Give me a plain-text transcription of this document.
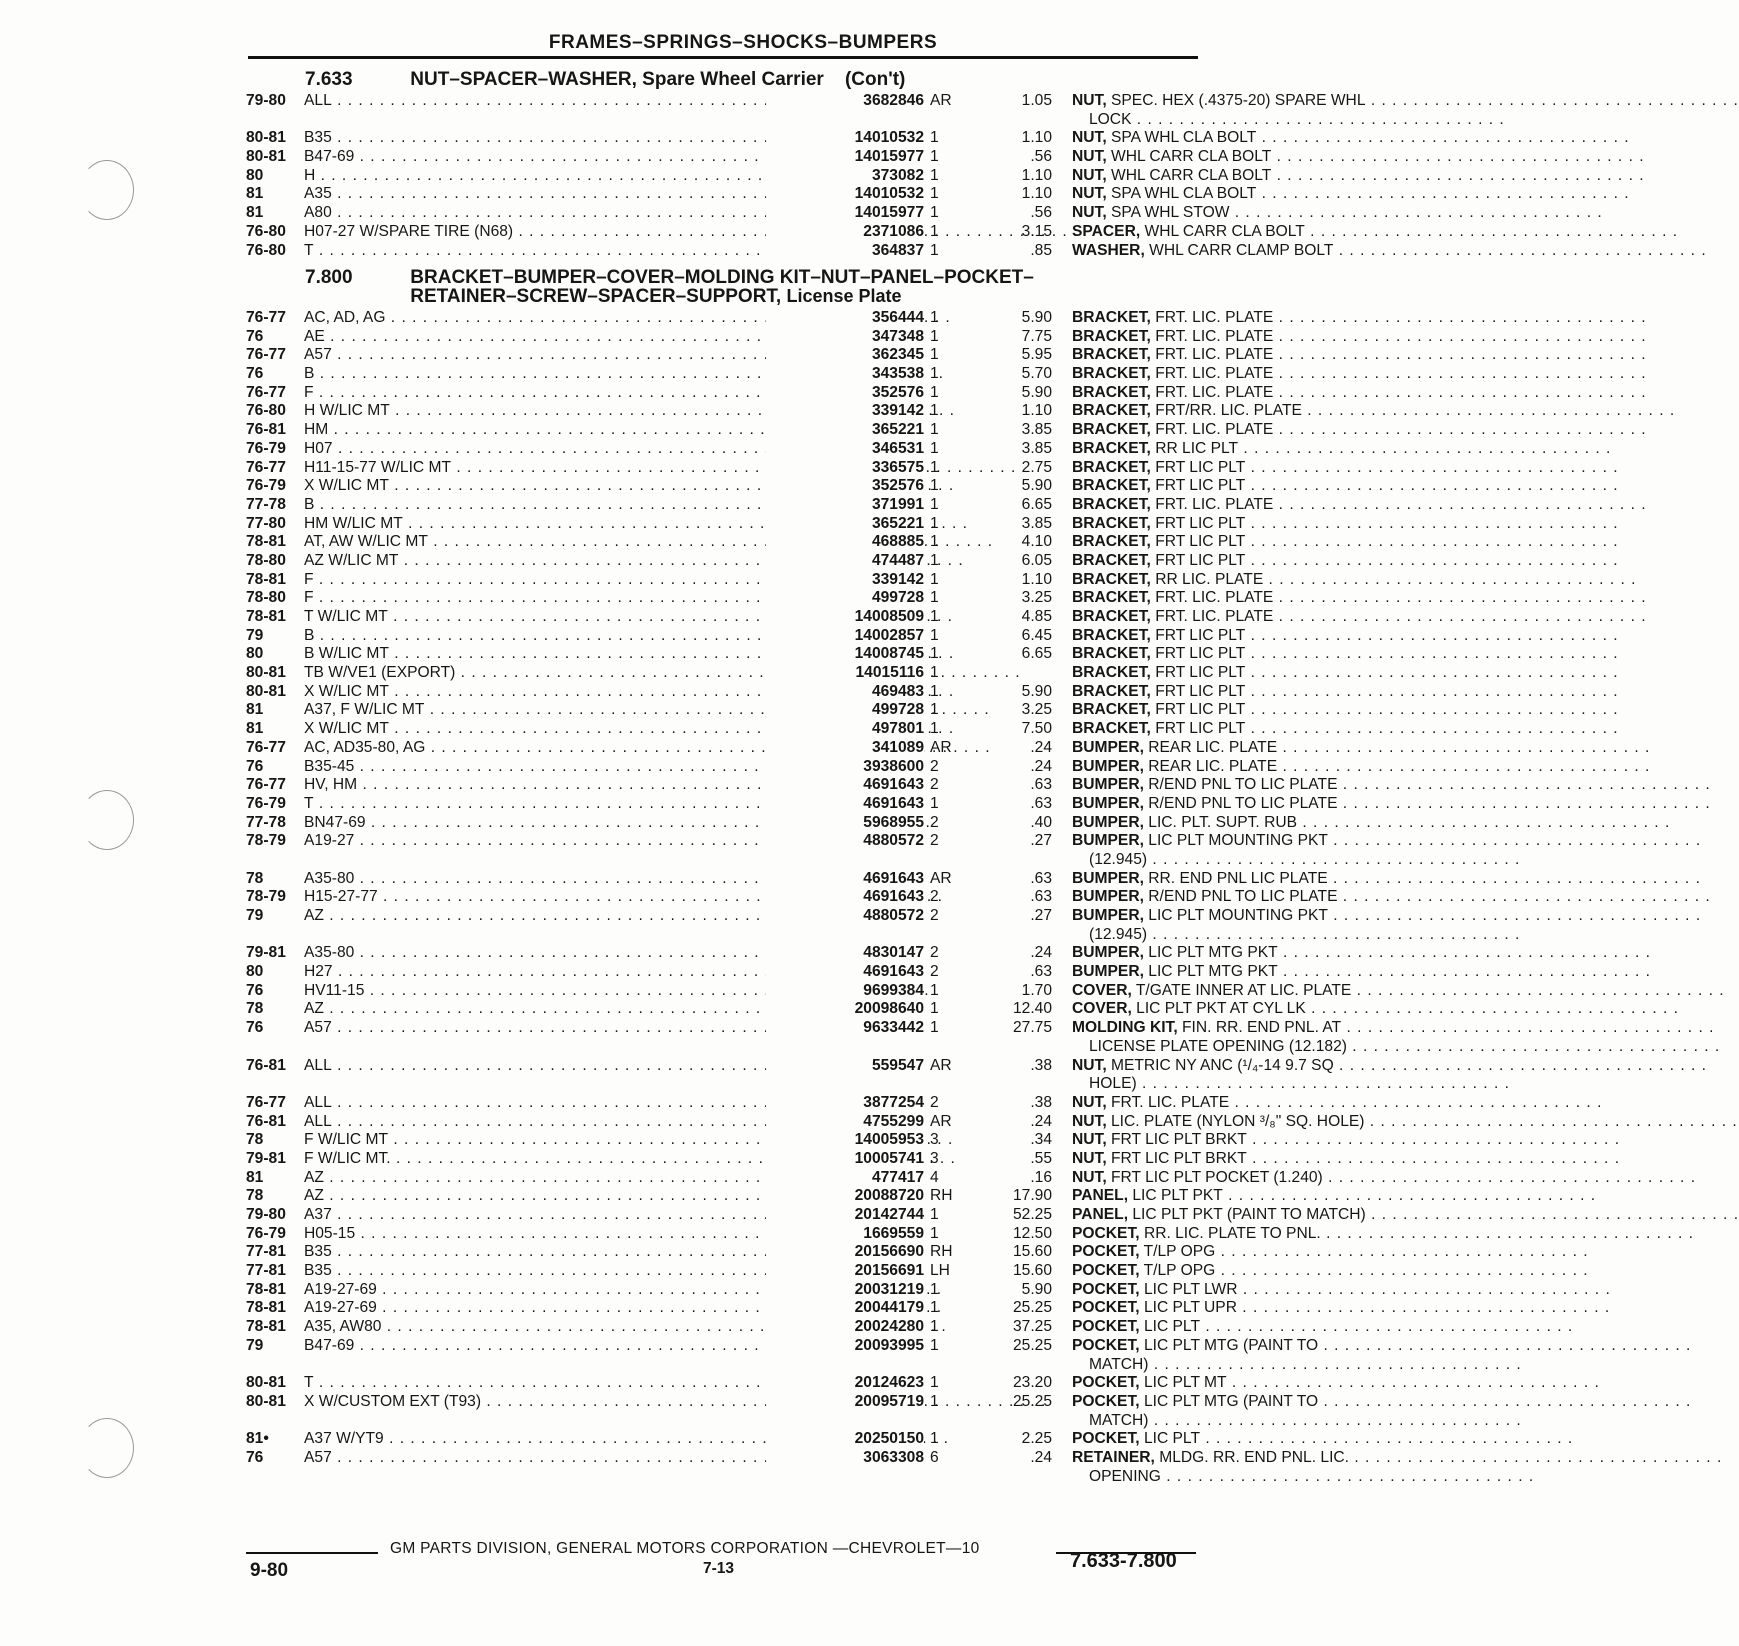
FRAMES–SPRINGS–SHOCKS–BUMPERS
7.633	NUT–SPACER–WASHER, Spare Wheel Carrier (Con't)
79-80	ALL . . .	3682846 AR	1.05 NUT, SPEC. HEX (.4375-20) SPARE WHL . . .
LOCK . . .
80-81	B35 . . .	14010532 1	1.10 NUT, SPA WHL CLA BOLT . . .
80-81	B47-69 . . .	14015977 1	.56 NUT, WHL CARR CLA BOLT . . .
80	H . . .	373082 1	1.10 NUT, WHL CARR CLA BOLT . . .
81	A35 . . .	14010532 1	1.10 NUT, SPA WHL CLA BOLT . . .
81	A80 . . .	14015977 1	.56 NUT, SPA WHL STOW . . .
76-80	H07-27 W/SPARE TIRE (N68) . . .	2371086 1	3.15 SPACER, WHL CARR CLA BOLT . . .
76-80	T . . .	364837 1	.85 WASHER, WHL CARR CLAMP BOLT . . .
7.800	BRACKET–BUMPER–COVER–MOLDING KIT–NUT–PANEL–POCKET–
RETAINER–SCREW–SPACER–SUPPORT, License Plate
76-77	AC, AD, AG . . .	356444 1	5.90 BRACKET, FRT. LIC. PLATE . . .
76	AE . . .	347348 1	7.75 BRACKET, FRT. LIC. PLATE . . .
76-77	A57 . . .	362345 1	5.95 BRACKET, FRT. LIC. PLATE . . .
76	B . . .	343538 1.	5.70 BRACKET, FRT. LIC. PLATE . . .
76-77	F . . .	352576 1	5.90 BRACKET, FRT. LIC. PLATE . . .
76-80	H W/LIC MT . . .	339142 1	1.10 BRACKET, FRT/RR. LIC. PLATE . . .
76-81	HM . . .	365221 1	3.85 BRACKET, FRT. LIC. PLATE . . .
76-79	H07 . . .	346531 1	3.85 BRACKET, RR LIC PLT . . .
76-77	H11-15-77 W/LIC MT . . .	336575 1	2.75 BRACKET, FRT LIC PLT . . .
76-79	X W/LIC MT . . .	352576 1	5.90 BRACKET, FRT LIC PLT . . .
77-78	B . . .	371991 1	6.65 BRACKET, FRT. LIC. PLATE . . .
77-80	HM W/LIC MT . . .	365221 1	3.85 BRACKET, FRT LIC PLT . . .
78-81	AT, AW W/LIC MT . . .	468885 1	4.10 BRACKET, FRT LIC PLT . . .
78-80	AZ W/LIC MT . . .	474487 1	6.05 BRACKET, FRT LIC PLT . . .
78-81	F . . .	339142 1	1.10 BRACKET, RR LIC. PLATE . . .
78-80	F . . .	499728 1	3.25 BRACKET, FRT. LIC. PLATE . . .
78-81	T W/LIC MT . . .	14008509 1	4.85 BRACKET, FRT. LIC. PLATE . . .
79	B . . .	14002857 1	6.45 BRACKET, FRT LIC PLT . . .
80	B W/LIC MT . . .	14008745 1	6.65 BRACKET, FRT LIC PLT . . .
80-81	TB W/VE1 (EXPORT) . . .	14015116 1	BRACKET, FRT LIC PLT . . .
80-81	X W/LIC MT . . .	469483 1	5.90 BRACKET, FRT LIC PLT . . .
81	A37, F W/LIC MT . . .	499728 1	3.25 BRACKET, FRT LIC PLT . . .
81	X W/LIC MT . . .	497801 1	7.50 BRACKET, FRT LIC PLT . . .
76-77	AC, AD35-80, AG . . .	341089 AR	.24 BUMPER, REAR LIC. PLATE . . .
76	B35-45 . . .	3938600 2	.24 BUMPER, REAR LIC. PLATE . . .
76-77	HV, HM . . .	4691643 2	.63 BUMPER, R/END PNL TO LIC PLATE . . .
76-79	T . . .	4691643 1	.63 BUMPER, R/END PNL TO LIC PLATE . . .
77-78	BN47-69 . . .	5968955 2	.40 BUMPER, LIC. PLT. SUPT. RUB . . .
78-79	A19-27 . . .	4880572 2	.27 BUMPER, LIC PLT MOUNTING PKT . . .
(12.945) . . .
78	A35-80 . . .	4691643 AR	.63 BUMPER, RR. END PNL LIC PLATE . . .
78-79	H15-27-77 . . .	4691643 2	.63 BUMPER, R/END PNL TO LIC PLATE . . .
79	AZ . . .	4880572 2	.27 BUMPER, LIC PLT MOUNTING PKT . . .
(12.945) . . .
79-81	A35-80 . . .	4830147 2	.24 BUMPER, LIC PLT MTG PKT . . .
80	H27 . . .	4691643 2	.63 BUMPER, LIC PLT MTG PKT . . .
76	HV11-15 . . .	9699384 1	1.70 COVER, T/GATE INNER AT LIC. PLATE . . .
78	AZ . . .	20098640 1	12.40 COVER, LIC PLT PKT AT CYL LK . . .
76	A57 . . .	9633442 1	27.75 MOLDING KIT, FIN. RR. END PNL. AT . . .
LICENSE PLATE OPENING (12.182) . . .
76-81	ALL . . .	559547 AR	.38 NUT, METRIC NY ANC (¹/₄-14 9.7 SQ . . .
HOLE) . . .
76-77	ALL . . .	3877254 2	.38 NUT, FRT. LIC. PLATE . . .
76-81	ALL . . .	4755299 AR	.24 NUT, LIC. PLATE (NYLON ³/₈" SQ. HOLE) . . .
78	F W/LIC MT . . .	14005953 3	.34 NUT, FRT LIC PLT BRKT . . .
79-81	F W/LIC MT. . . .	10005741 3	.55 NUT, FRT LIC PLT BRKT . . .
81	AZ . . .	477417 4	.16 NUT, FRT LIC PLT POCKET (1.240) . . .
78	AZ . . .	20088720 RH	17.90 PANEL, LIC PLT PKT . . .
79-80	A37 . . .	20142744 1	52.25 PANEL, LIC PLT PKT (PAINT TO MATCH) . . .
76-79	H05-15 . . .	1669559 1	12.50 POCKET, RR. LIC. PLATE TO PNL. . . .
77-81	B35 . . .	20156690 RH	15.60 POCKET, T/LP OPG . . .
77-81	B35 . . .	20156691 LH	15.60 POCKET, T/LP OPG . . .
78-81	A19-27-69 . . .	20031219 1	5.90 POCKET, LIC PLT LWR . . .
78-81	A19-27-69 . . .	20044179 1	25.25 POCKET, LIC PLT UPR . . .
78-81	A35, AW80 . . .	20024280 1	37.25 POCKET, LIC PLT . . .
79	B47-69 . . .	20093995 1	25.25 POCKET, LIC PLT MTG (PAINT TO . . .
MATCH) . . .
80-81	T . . .	20124623 1	23.20 POCKET, LIC PLT MT . . .
80-81	X W/CUSTOM EXT (T93) . . .	20095719 1	25.25 POCKET, LIC PLT MTG (PAINT TO . . .
MATCH) . . .
81•	A37 W/YT9 . . .	20250150 1	2.25 POCKET, LIC PLT . . .
76	A57 . . .	3063308 6	.24 RETAINER, MLDG. RR. END PNL. LIC. . . .
OPENING . . .
GM PARTS DIVISION, GENERAL MOTORS CORPORATION —CHEVROLET—10
9-80	7-13	7.633-7.800
